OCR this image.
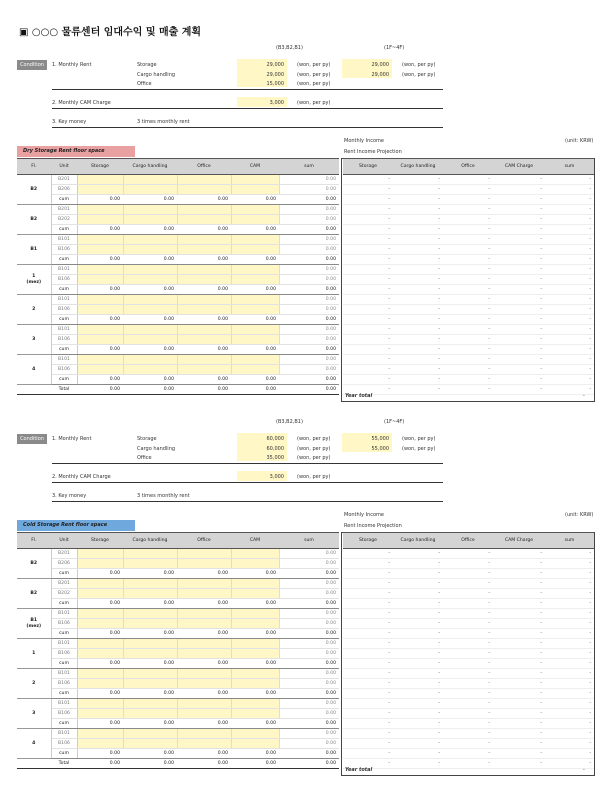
▣ ○○○ 물류센터 임대수익 및 매출 계획
(B3,B2,B1)	(1F~4F)
Condition	1. Monthly Rent	Storage	29,000	(won, per py)	29,000	(won, per py)
Cargo handling	29,000	(won, per py)	29,000	(won, per py)
Office	15,000	(won, per py)
2. Monthly CAM Charge	3,000	(won, per py)
3. Key money	3 times monthly rent
Monthly Income	(unit: KRW)
Rent Income Projection
Dry Storage Rent floor space
Fl.	Unit	Storage	Cargo handling	Office	CAM	sum
B2	B201					0.00
	B206					0.00
	cum	0.00	0.00	0.00	0.00	0.00
B2	B201					0.00
	B202					0.00
	cum	0.00	0.00	0.00	0.00	0.00
B1	B101					0.00
	B106					0.00
	cum	0.00	0.00	0.00	0.00	0.00
1
(mez)	B101					0.00
	B106					0.00
	cum	0.00	0.00	0.00	0.00	0.00
2	B101					0.00
	B106					0.00
	cum	0.00	0.00	0.00	0.00	0.00
3	B101					0.00
	B106					0.00
	cum	0.00	0.00	0.00	0.00	0.00
4	B101					0.00
	B106					0.00
	cum	0.00	0.00	0.00	0.00	0.00
	Total	0.00	0.00	0.00	0.00	0.00
Storage	Cargo handling	Office	CAM Charge	sum
-	-	-	-	-
-	-	-	-	-
-	-	-	-	-
-	-	-	-	-
-	-	-	-	-
-	-	-	-	-
-	-	-	-	-
-	-	-	-	-
-	-	-	-	-
-	-	-	-	-
-	-	-	-	-
-	-	-	-	-
-	-	-	-	-
-	-	-	-	-
-	-	-	-	-
-	-	-	-	-
-	-	-	-	-
-	-	-	-	-
-	-	-	-	-
-	-	-	-	-
-	-	-	-	-
-	-	-	-	-
Year total	-
(B3,B2,B1)	(1F~4F)
Condition	1. Monthly Rent	Storage	60,000	(won, per py)	55,000	(won, per py)
Cargo handling	60,000	(won, per py)	55,000	(won, per py)
Office	35,000	(won, per py)
2. Monthly CAM Charge	3,000	(won, per py)
3. Key money	3 times monthly rent
Monthly Income	(unit: KRW)
Rent Income Projection
Cold Storage Rent floor space
Fl.	Unit	Storage	Cargo handling	Office	CAM	sum
B2	B201					0.00
	B206					0.00
	cum	0.00	0.00	0.00	0.00	0.00
B2	B201					0.00
	B202					0.00
	cum	0.00	0.00	0.00	0.00	0.00
B1
(mez)	B101					0.00
	B106					0.00
	cum	0.00	0.00	0.00	0.00	0.00
1	B101					0.00
	B106					0.00
	cum	0.00	0.00	0.00	0.00	0.00
2	B101					0.00
	B106					0.00
	cum	0.00	0.00	0.00	0.00	0.00
3	B101					0.00
	B106					0.00
	cum	0.00	0.00	0.00	0.00	0.00
4	B101					0.00
	B106					0.00
	cum	0.00	0.00	0.00	0.00	0.00
	Total	0.00	0.00	0.00	0.00	0.00
Storage	Cargo handling	Office	CAM Charge	sum
-	-	-	-	-
-	-	-	-	-
-	-	-	-	-
-	-	-	-	-
-	-	-	-	-
-	-	-	-	-
-	-	-	-	-
-	-	-	-	-
-	-	-	-	-
-	-	-	-	-
-	-	-	-	-
-	-	-	-	-
-	-	-	-	-
-	-	-	-	-
-	-	-	-	-
-	-	-	-	-
-	-	-	-	-
-	-	-	-	-
-	-	-	-	-
-	-	-	-	-
-	-	-	-	-
-	-	-	-	-
Year total	-
